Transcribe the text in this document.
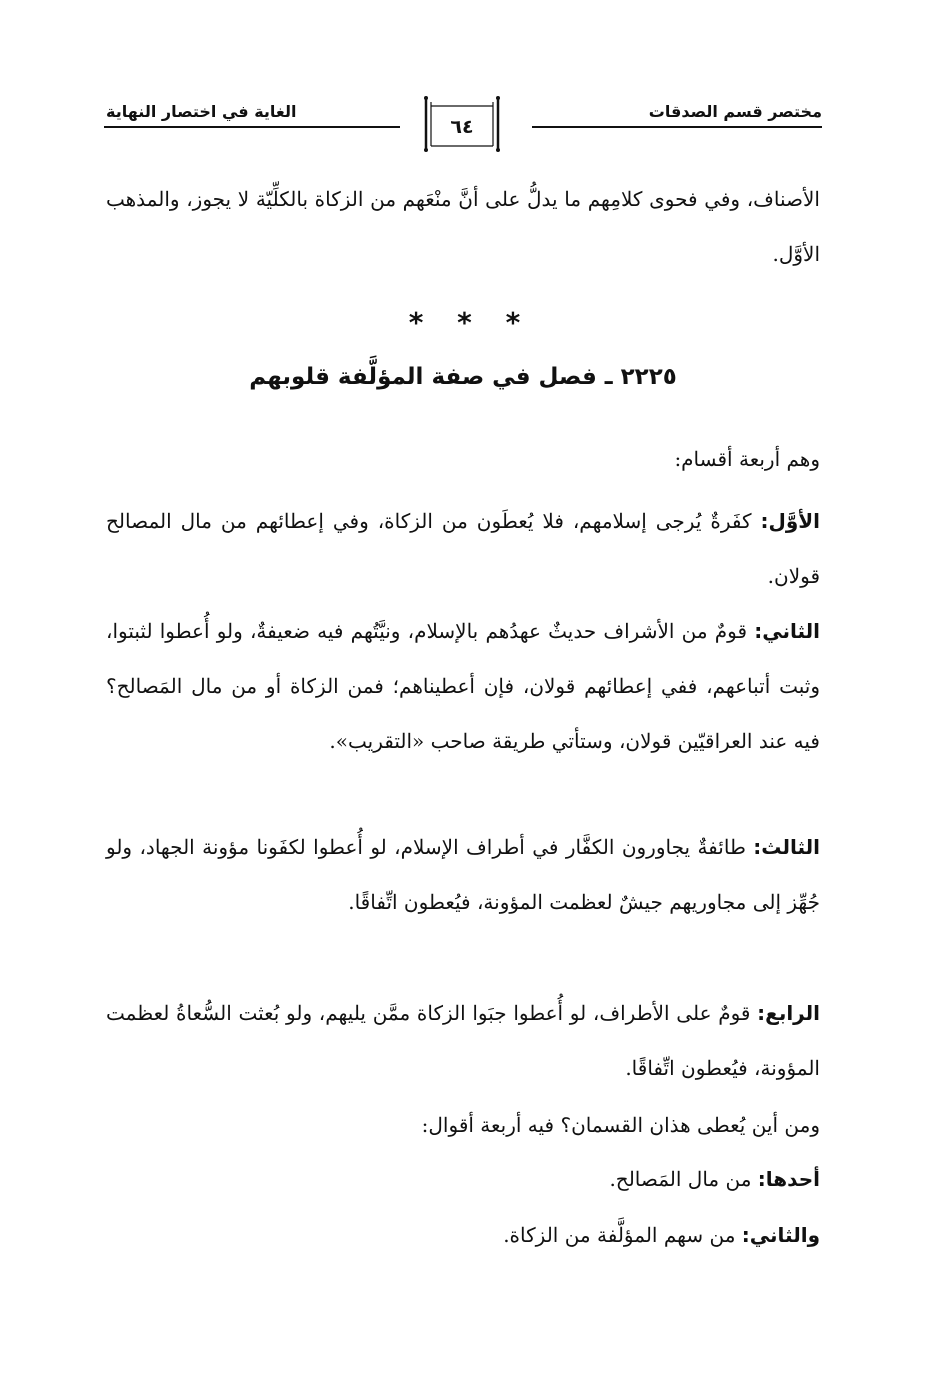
مختصر قسم الصدقات
٦٤
الغاية في اختصار النهاية
الأصناف، وفي فحوى كلامِهم ما يدلُّ على أنَّ منْعَهم من الزكاة بالكلِّيّة لا يجوز، والمذهب الأوَّل.
* * *
٢٢٢٥ ـ فصل في صفة المؤلَّفة قلوبهم
وهم أربعة أقسام:
الأوَّل: كفَرةٌ يُرجى إسلامهم، فلا يُعطَون من الزكاة، وفي إعطائهم من مال المصالح قولان.
الثاني: قومٌ من الأشراف حديثٌ عهدُهم بالإسلام، ونيَّتُهم فيه ضعيفةٌ، ولو أُعطوا لثبتوا، وثبت أتباعهم، ففي إعطائهم قولان، فإن أعطيناهم؛ فمن الزكاة أو من مال المَصالح؟ فيه عند العراقيّين قولان، وستأتي طريقة صاحب «التقريب».
الثالث: طائفةٌ يجاورون الكفَّار في أطراف الإسلام، لو أُعطوا لكفَونا مؤونة الجهاد، ولو جُهِّز إلى مجاوريهم جيشٌ لعظمت المؤونة، فيُعطون اتِّفاقًا.
الرابع: قومٌ على الأطراف، لو أُعطوا جبَوا الزكاة ممَّن يليهم، ولو بُعثت السُّعاةُ لعظمت المؤونة، فيُعطون اتِّفاقًا.
ومن أين يُعطى هذان القسمان؟ فيه أربعة أقوال:
أحدها: من مال المَصالح.
والثاني: من سهم المؤلَّفة من الزكاة.
